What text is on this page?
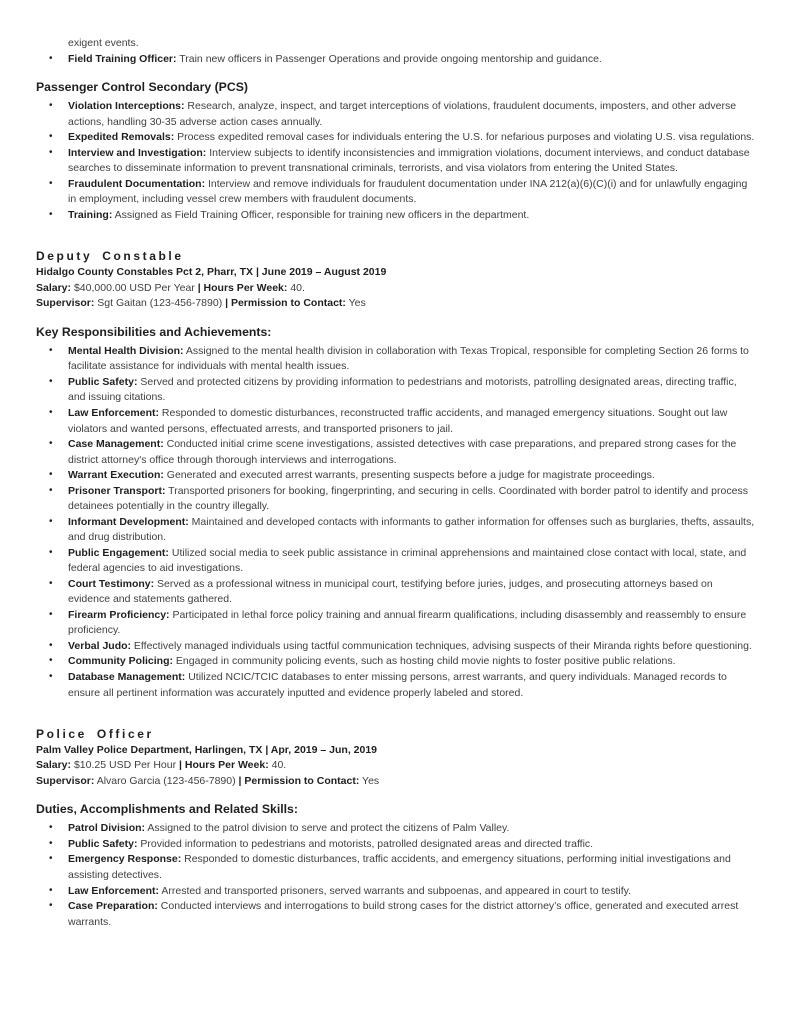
exigent events.

• Field Training Officer: Train new officers in Passenger Operations and provide ongoing mentorship and guidance.
Passenger Control Secondary (PCS)
• Violation Interceptions: Research, analyze, inspect, and target interceptions of violations, fraudulent documents, imposters, and other adverse actions, handling 30-35 adverse action cases annually.
• Expedited Removals: Process expedited removal cases for individuals entering the U.S. for nefarious purposes and violating U.S. visa regulations.
• Interview and Investigation: Interview subjects to identify inconsistencies and immigration violations, document interviews, and conduct database searches to disseminate information to prevent transnational criminals, terrorists, and visa violators from entering the United States.
• Fraudulent Documentation: Interview and remove individuals for fraudulent documentation under INA 212(a)(6)(C)(i) and for unlawfully engaging in employment, including vessel crew members with fraudulent documents.
• Training: Assigned as Field Training Officer, responsible for training new officers in the department.
Deputy Constable

Hidalgo County Constables Pct 2, Pharr, TX | June 2019 – August 2019

Salary: $40,000.00 USD Per Year | Hours Per Week: 40.

Supervisor: Sgt Gaitan (123-456-7890) | Permission to Contact: Yes

Key Responsibilities and Achievements:
• Mental Health Division: Assigned to the mental health division in collaboration with Texas Tropical, responsible for completing Section 26 forms to facilitate assistance for individuals with mental health issues.
• Public Safety: Served and protected citizens by providing information to pedestrians and motorists, patrolling designated areas, directing traffic, and issuing citations.
• Law Enforcement: Responded to domestic disturbances, reconstructed traffic accidents, and managed emergency situations. Sought out law violators and wanted persons, effectuated arrests, and transported prisoners to jail.
• Case Management: Conducted initial crime scene investigations, assisted detectives with case preparations, and prepared strong cases for the district attorney's office through thorough interviews and interrogations.
• Warrant Execution: Generated and executed arrest warrants, presenting suspects before a judge for magistrate proceedings.
• Prisoner Transport: Transported prisoners for booking, fingerprinting, and securing in cells. Coordinated with border patrol to identify and process detainees potentially in the country illegally.
• Informant Development: Maintained and developed contacts with informants to gather information for offenses such as burglaries, thefts, assaults, and drug distribution.
• Public Engagement: Utilized social media to seek public assistance in criminal apprehensions and maintained close contact with local, state, and federal agencies to aid investigations.
• Court Testimony: Served as a professional witness in municipal court, testifying before juries, judges, and prosecuting attorneys based on evidence and statements gathered.
• Firearm Proficiency: Participated in lethal force policy training and annual firearm qualifications, including disassembly and reassembly to ensure proficiency.
• Verbal Judo: Effectively managed individuals using tactful communication techniques, advising suspects of their Miranda rights before questioning.
• Community Policing: Engaged in community policing events, such as hosting child movie nights to foster positive public relations.
• Database Management: Utilized NCIC/TCIC databases to enter missing persons, arrest warrants, and query individuals. Managed records to ensure all pertinent information was accurately inputted and evidence properly labeled and stored.
Police Officer

Palm Valley Police Department, Harlingen, TX | Apr, 2019 – Jun, 2019

Salary: $10.25 USD Per Hour | Hours Per Week: 40.

Supervisor: Alvaro Garcia (123-456-7890) | Permission to Contact: Yes

Duties, Accomplishments and Related Skills:
• Patrol Division: Assigned to the patrol division to serve and protect the citizens of Palm Valley.
• Public Safety: Provided information to pedestrians and motorists, patrolled designated areas and directed traffic.
• Emergency Response: Responded to domestic disturbances, traffic accidents, and emergency situations, performing initial investigations and assisting detectives.
• Law Enforcement: Arrested and transported prisoners, served warrants and subpoenas, and appeared in court to testify.
• Case Preparation: Conducted interviews and interrogations to build strong cases for the district attorney’s office, generated and executed arrest warrants.
